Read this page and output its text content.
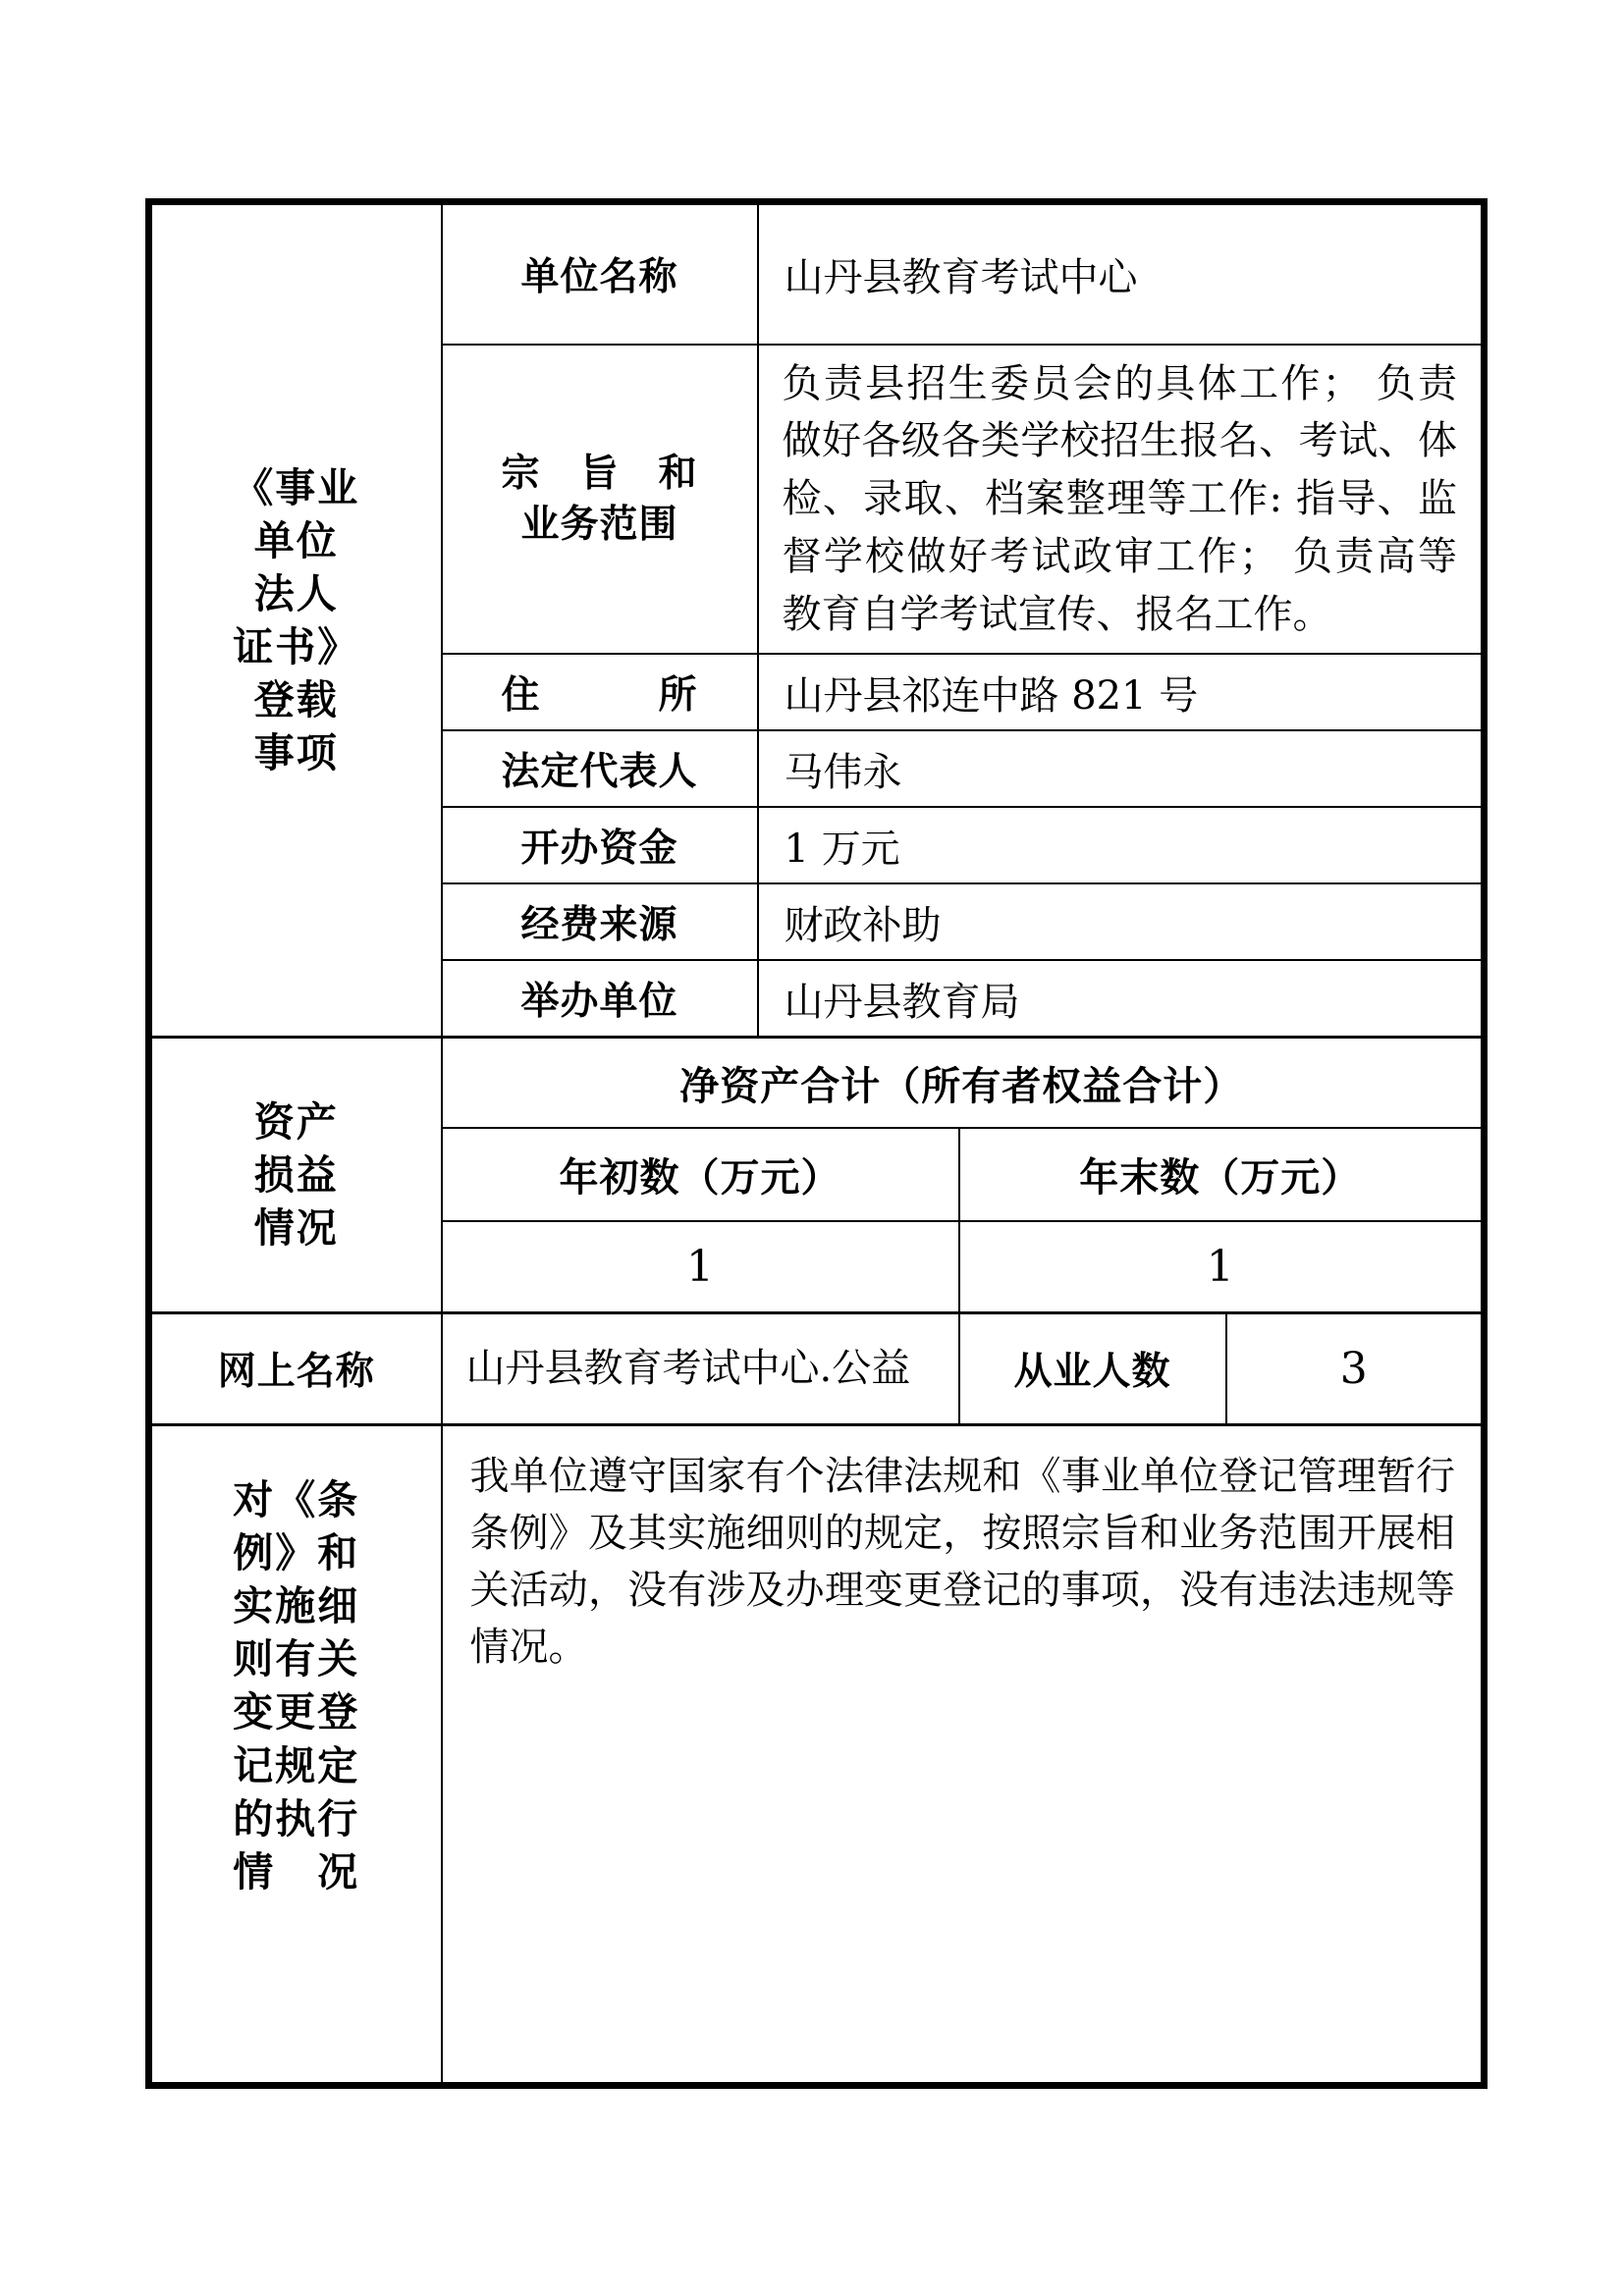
《事业
单位
法人
证书》
登载
事项
	单位名称	山丹县教育考试中心

	宗　旨　和
业务范围	负责县招生委员会的具体工作； 负责做好各级各类学校招生报名、考试、体检、录取、档案整理等工作: 指导、监督学校做好考试政审工作； 负责高等教育自学考试宣传、报名工作。		
	住　　　所	山丹县祁连中路 821 号		
	法定代表人	马伟永		
	开办资金	1 万元		
	经费来源	财政补助		
	举办单位	山丹县教育局		

资产
损益
情况	净资产合计（所有者权益合计）			
	年初数（万元）		年末数（万元）	
	1		1	
网上名称	山丹县教育考试中心.公益		从业人数	3

对《条
例》和
实施细
则有关
变更登
记规定
的执行
情　况
	我单位遵守国家有个法律法规和《事业单位登记管理暂行条例》及其实施细则的规定，按照宗旨和业务范围开展相关活动，没有涉及办理变更登记的事项，没有违法违规等情况。
